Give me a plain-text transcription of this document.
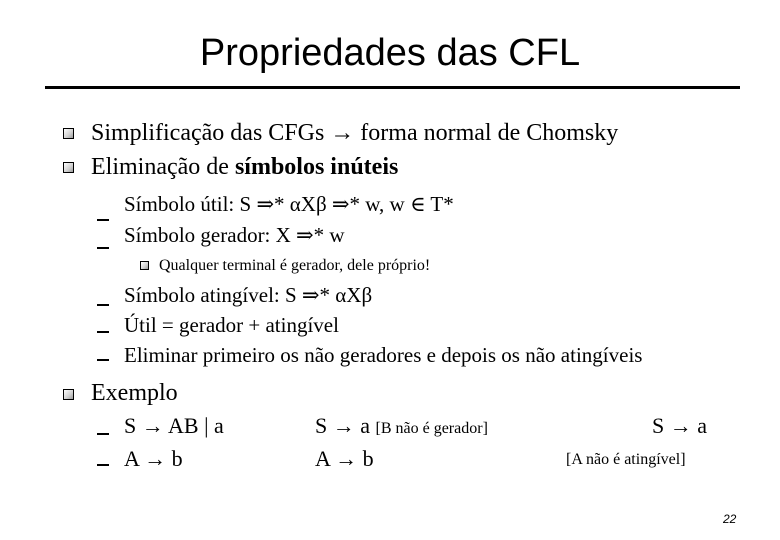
Propriedades das CFL
Simplificação das CFGs → forma normal de Chomsky
Eliminação de símbolos inúteis
Símbolo útil: S ⇒* αXβ ⇒* w, w ∈ T*
Símbolo gerador: X ⇒* w
Qualquer terminal é gerador, dele próprio!
Símbolo atingível: S ⇒* αXβ
Útil = gerador + atingível
Eliminar primeiro os não geradores e depois os não atingíveis
Exemplo
S → AB | a
A → b
S → a [B não é gerador]
A → b
S → a
[A não é atingível]
22
